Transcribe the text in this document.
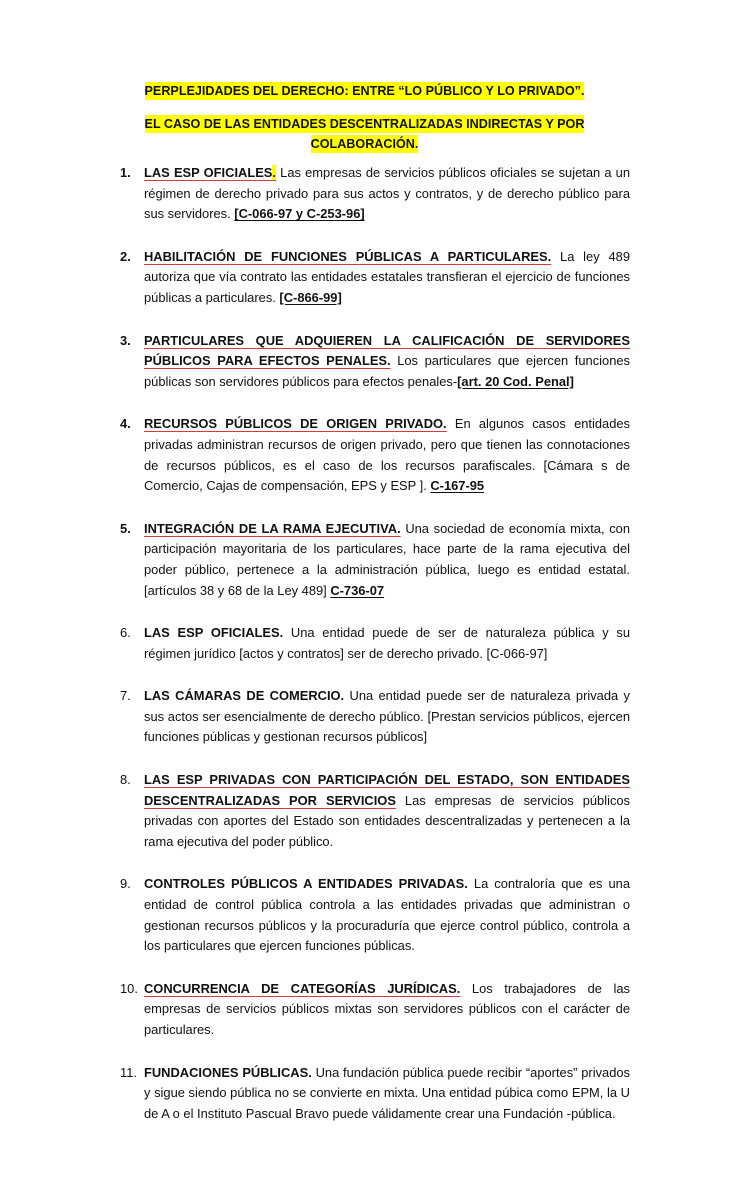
PERPLEJIDADES DEL DERECHO: ENTRE “LO PÚBLICO Y LO PRIVADO”.
EL CASO DE LAS ENTIDADES DESCENTRALIZADAS INDIRECTAS Y POR
COLABORACIÓN.
1. LAS ESP OFICIALES. Las empresas de servicios públicos oficiales se sujetan a un régimen de derecho privado para sus actos y contratos, y de derecho público para sus servidores. [C-066-97 y C-253-96]
2. HABILITACIÓN DE FUNCIONES PÚBLICAS A PARTICULARES. La ley 489 autoriza que vía contrato las entidades estatales transfieran el ejercicio de funciones públicas a particulares. [C-866-99]
3. PARTICULARES QUE ADQUIEREN LA CALIFICACIÓN DE SERVIDORES PÚBLICOS PARA EFECTOS PENALES. Los particulares que ejercen funciones públicas son servidores públicos para efectos penales-[art. 20 Cod. Penal]
4. RECURSOS PÚBLICOS DE ORIGEN PRIVADO. En algunos casos entidades privadas administran recursos de origen privado, pero que tienen las connotaciones de recursos públicos, es el caso de los recursos parafiscales. [Cámara s de Comercio, Cajas de compensación, EPS y ESP ]. C-167-95
5. INTEGRACIÓN DE LA RAMA EJECUTIVA. Una sociedad de economía mixta, con participación mayoritaria de los particulares, hace parte de la rama ejecutiva del poder público, pertenece a la administración pública, luego es entidad estatal. [artículos 38 y 68 de la Ley 489] C-736-07
6. LAS ESP OFICIALES. Una entidad puede de ser de naturaleza pública y su régimen jurídico [actos y contratos] ser de derecho privado. [C-066-97]
7. LAS CÁMARAS DE COMERCIO. Una entidad puede ser de naturaleza privada y sus actos ser esencialmente de derecho público. [Prestan servicios públicos, ejercen funciones públicas y gestionan recursos públicos]
8. LAS ESP PRIVADAS CON PARTICIPACIÓN DEL ESTADO, SON ENTIDADES DESCENTRALIZADAS POR SERVICIOS Las empresas de servicios públicos privadas con aportes del Estado son entidades descentralizadas y pertenecen a la rama ejecutiva del poder público.
9. CONTROLES PÚBLICOS A ENTIDADES PRIVADAS. La contraloría que es una entidad de control pública controla a las entidades privadas que administran o gestionan recursos públicos y la procuraduría que ejerce control público, controla a los particulares que ejercen funciones públicas.
10. CONCURRENCIA DE CATEGORÍAS JURÍDICAS. Los trabajadores de las empresas de servicios públicos mixtas son servidores públicos con el carácter de particulares.
11. FUNDACIONES PÚBLICAS. Una fundación pública puede recibir “aportes” privados y sigue siendo pública no se convierte en mixta. Una entidad púbica como EPM, la U de A o el Instituto Pascual Bravo puede válidamente crear una Fundación -pública.
